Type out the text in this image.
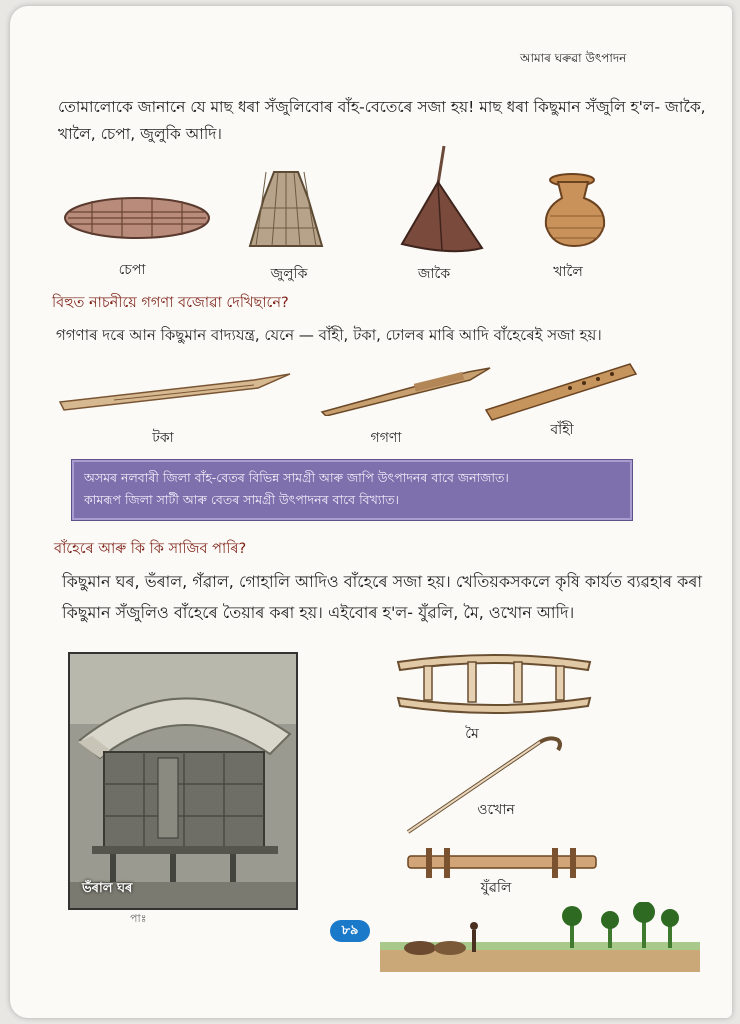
আমাৰ ঘৰুৱা উৎপাদন
তোমালোকে জানানে যে মাছ ধৰা সঁজুলিবোৰ বাঁহ-বেতেৰে সজা হয়! মাছ ধৰা কিছুমান সঁজুলি হ'ল- জাকৈ, খালৈ, চেপা, জুলুকি আদি।
চেপা	জুলুকি	জাকৈ	খালৈ
বিহুত নাচনীয়ে গগণা বজোৱা দেখিছানে?
গগণাৰ দৰে আন কিছুমান বাদ্যযন্ত্ৰ, যেনে — বাঁহী, টকা, ঢোলৰ মাৰি আদি বাঁহেৰেই সজা হয়।
টকা	গগণা	বাঁহী
অসমৰ নলবাৰী জিলা বাঁহ-বেতৰ বিভিন্ন সামগ্ৰী আৰু জাপি উৎপাদনৰ বাবে জনাজাত।
কামৰূপ জিলা সাটী আৰু বেতৰ সামগ্ৰী উৎপাদনৰ বাবে বিখ্যাত।
বাঁহেৰে আৰু কি কি সাজিব পাৰি?
কিছুমান ঘৰ, ভঁৰাল, গঁৱাল, গোহালি আদিও বাঁহেৰে সজা হয়। খেতিয়কসকলে কৃষি কাৰ্যত ব্যৱহাৰ কৰা কিছুমান সঁজুলিও বাঁহেৰে তৈয়াৰ কৰা হয়। এইবোৰ হ'ল- যুঁৱলি, মৈ, ওখোন আদি।
ভঁৰাল ঘৰ
মৈ
ওখোন
যুঁৱলি
পাঃ
৮৯
